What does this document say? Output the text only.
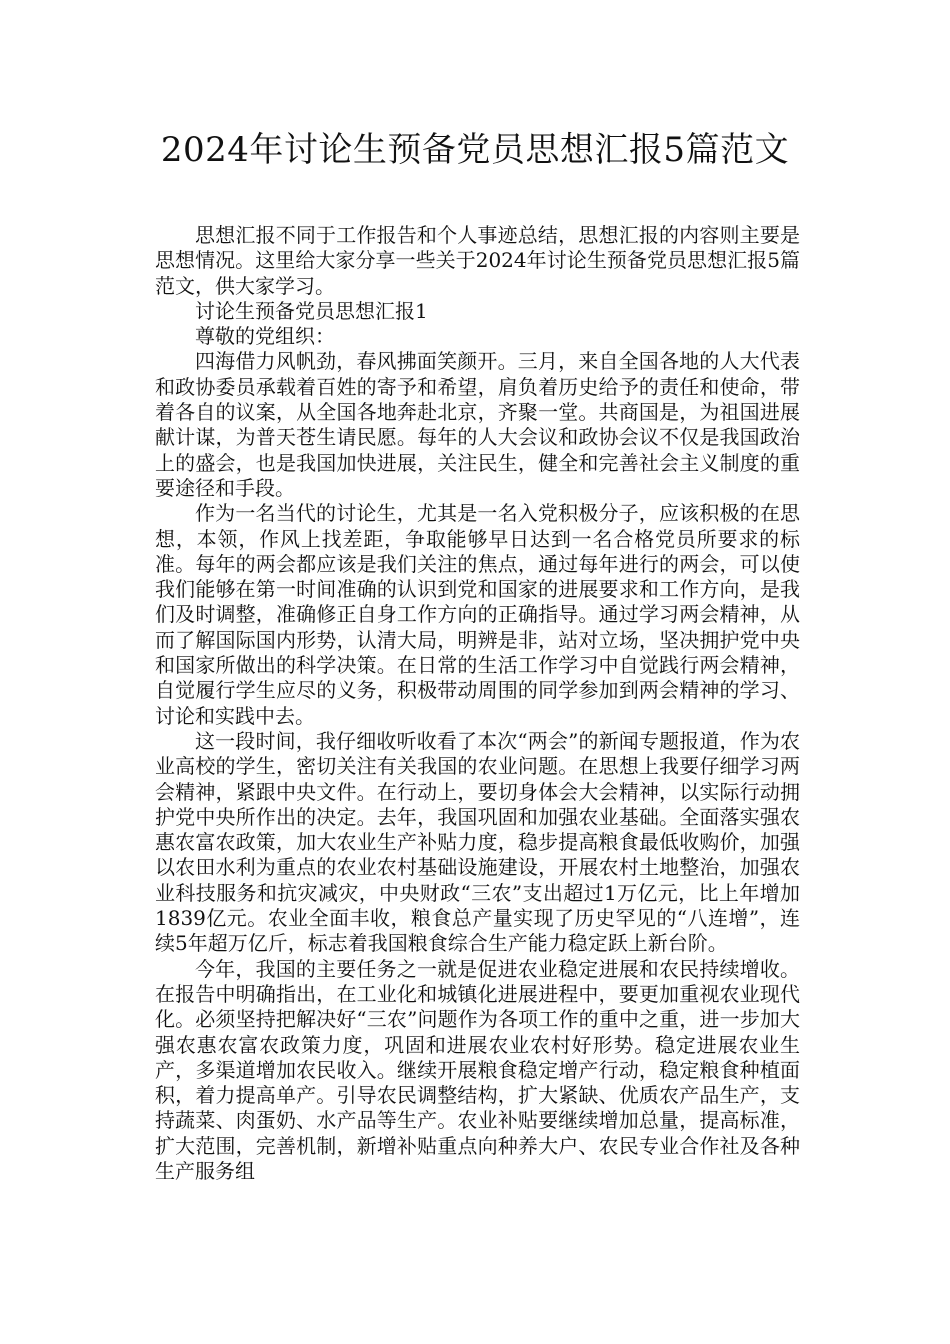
2024年讨论生预备党员思想汇报5篇范文

思想汇报不同于工作报告和个人事迹总结，思想汇报的内容则主要是思想情况。这里给大家分享一些关于2024年讨论生预备党员思想汇报5篇范文，供大家学习。

讨论生预备党员思想汇报1

尊敬的党组织：

四海借力风帆劲，春风拂面笑颜开。三月，来自全国各地的人大代表和政协委员承载着百姓的寄予和希望，肩负着历史给予的责任和使命，带着各自的议案，从全国各地奔赴北京，齐聚一堂。共商国是，为祖国进展献计谋，为普天苍生请民愿。每年的人大会议和政协会议不仅是我国政治上的盛会，也是我国加快进展，关注民生，健全和完善社会主义制度的重要途径和手段。

作为一名当代的讨论生，尤其是一名入党积极分子，应该积极的在思想，本领，作风上找差距，争取能够早日达到一名合格党员所要求的标准。每年的两会都应该是我们关注的焦点，通过每年进行的两会，可以使我们能够在第一时间准确的认识到党和国家的进展要求和工作方向，是我们及时调整，准确修正自身工作方向的正确指导。通过学习两会精神，从而了解国际国内形势，认清大局，明辨是非，站对立场，坚决拥护党中央和国家所做出的科学决策。在日常的生活工作学习中自觉践行两会精神，自觉履行学生应尽的义务，积极带动周围的同学参加到两会精神的学习、讨论和实践中去。

这一段时间，我仔细收听收看了本次“两会”的新闻专题报道，作为农业高校的学生，密切关注有关我国的农业问题。在思想上我要仔细学习两会精神，紧跟中央文件。在行动上，要切身体会大会精神，以实际行动拥护党中央所作出的决定。去年，我国巩固和加强农业基础。全面落实强农惠农富农政策，加大农业生产补贴力度，稳步提高粮食最低收购价，加强以农田水利为重点的农业农村基础设施建设，开展农村土地整治，加强农业科技服务和抗灾减灾，中央财政“三农”支出超过1万亿元，比上年增加1839亿元。农业全面丰收，粮食总产量实现了历史罕见的“八连增”，连续5年超万亿斤，标志着我国粮食综合生产能力稳定跃上新台阶。

今年，我国的主要任务之一就是促进农业稳定进展和农民持续增收。在报告中明确指出，在工业化和城镇化进展进程中，要更加重视农业现代化。必须坚持把解决好“三农”问题作为各项工作的重中之重，进一步加大强农惠农富农政策力度，巩固和进展农业农村好形势。稳定进展农业生产，多渠道增加农民收入。继续开展粮食稳定增产行动，稳定粮食种植面积，着力提高单产。引导农民调整结构，扩大紧缺、优质农产品生产，支持蔬菜、肉蛋奶、水产品等生产。农业补贴要继续增加总量，提高标准，扩大范围，完善机制，新增补贴重点向种养大户、农民专业合作社及各种生产服务组
